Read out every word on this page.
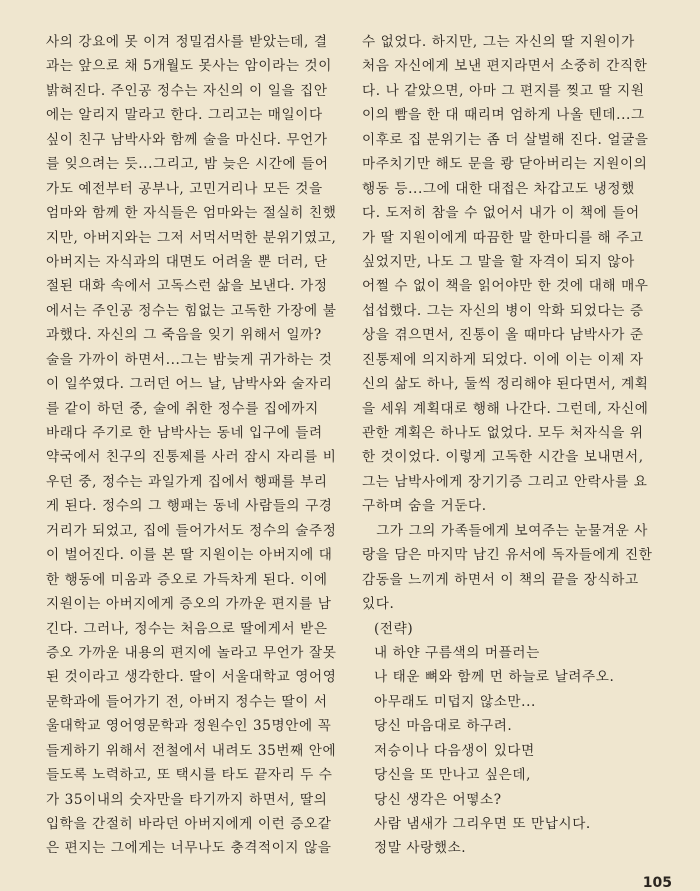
사의 강요에 못 이겨 정밀검사를 받았는데, 결
과는 앞으로 채 5개월도 못사는 암이라는 것이
밝혀진다. 주인공 정수는 자신의 이 일을 집안
에는 알리지 말라고 한다. 그리고는 매일이다
싶이 친구 남박사와 함께 술을 마신다. 무언가
를 잊으려는 듯...그리고, 밤 늦은 시간에 들어
가도 예전부터 공부나, 고민거리나 모든 것을
엄마와 함께 한 자식들은 엄마와는 절실히 친했
지만, 아버지와는 그저 서먹서먹한 분위기였고,
아버지는 자식과의 대면도 어려울 뿐 더러, 단
절된 대화 속에서 고독스런 삶을 보낸다. 가정
에서는 주인공 정수는 힘없는 고독한 가장에 불
과했다. 자신의 그 죽음을 잊기 위해서 일까?
술을 가까이 하면서...그는 밤늦게 귀가하는 것
이 일쑤였다. 그러던 어느 날, 남박사와 술자리
를 같이 하던 중, 술에 취한 정수를 집에까지
바래다 주기로 한 남박사는 동네 입구에 들려
약국에서 친구의 진통제를 사러 잠시 자리를 비
우던 중, 정수는 과일가게 집에서 행패를 부리
게 된다. 정수의 그 행패는 동네 사람들의 구경
거리가 되었고, 집에 들어가서도 정수의 술주정
이 벌어진다. 이를 본 딸 지원이는 아버지에 대
한 행동에 미움과 증오로 가득차게 된다. 이에
지원이는 아버지에게 증오의 가까운 편지를 남
긴다. 그러나, 정수는 처음으로 딸에게서 받은
증오 가까운 내용의 편지에 놀라고 무언가 잘못
된 것이라고 생각한다. 딸이 서울대학교 영어영
문학과에 들어가기 전, 아버지 정수는 딸이 서
울대학교 영어영문학과 정원수인 35명안에 꼭
들게하기 위해서 전철에서 내려도 35번째 안에
들도록 노력하고, 또 택시를 타도 끝자리 두 수
가 35이내의 숫자만을 타기까지 하면서, 딸의
입학을 간절히 바라던 아버지에게 이런 증오같
은 편지는 그에게는 너무나도 충격적이지 않을
수 없었다. 하지만, 그는 자신의 딸 지원이가
처음 자신에게 보낸 편지라면서 소중히 간직한
다. 나 같았으면, 아마 그 편지를 찢고 딸 지원
이의 빰을 한 대 때리며 엄하게 나올 텐데...그
이후로 집 분위기는 좀 더 살벌해 진다. 얼굴을
마주치기만 해도 문을 쾅 닫아버리는 지원이의
행동 등...그에 대한 대접은 차갑고도 냉정했
다. 도저히 참을 수 없어서 내가 이 책에 들어
가 딸 지원이에게 따끔한 말 한마디를 해 주고
싶었지만, 나도 그 말을 할 자격이 되지 않아
어쩔 수 없이 책을 읽어야만 한 것에 대해 매우
섭섭했다. 그는 자신의 병이 악화 되었다는 증
상을 겪으면서, 진통이 올 때마다 남박사가 준
진통제에 의지하게 되었다. 이에 이는 이제 자
신의 삶도 하나, 둘씩 정리해야 된다면서, 계획
을 세워 계획대로 행해 나간다. 그런데, 자신에
관한 계획은 하나도 없었다. 모두 처자식을 위
한 것이었다. 이렇게 고독한 시간을 보내면서,
그는 남박사에게 장기기증 그리고 안락사를 요
구하며 숨을 거둔다.
　그가 그의 가족들에게 보여주는 눈물겨운 사
랑을 담은 마지막 남긴 유서에 독자들에게 진한
감동을 느끼게 하면서 이 책의 끝을 장식하고
있다.
(전략)
내 하얀 구름색의 머플러는
나 태운 뼈와 함께 먼 하늘로 날려주오.
아무래도 미덥지 않소만...
당신 마음대로 하구려.
저승이나 다음생이 있다면
당신을 또 만나고 싶은데,
당신 생각은 어떻소?
사람 냄새가 그리우면 또 만납시다.
정말 사랑했소.
105
